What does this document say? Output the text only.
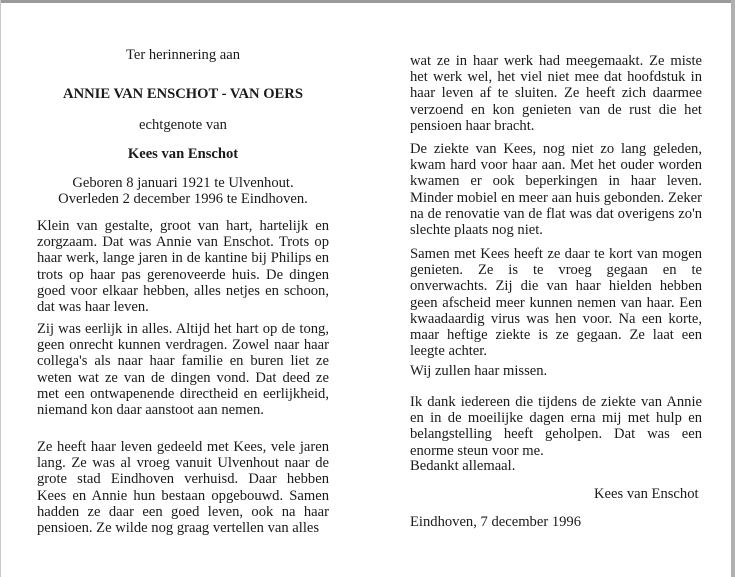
Ter herinnering aan

ANNIE VAN ENSCHOT - VAN OERS

echtgenote van

Kees van Enschot

Geboren 8 januari 1921 te Ulvenhout.

Overleden 2 december 1996 te Eindhoven.

Klein van gestalte, groot van hart, hartelijk en zorgzaam. Dat was Annie van Enschot. Trots op haar werk, lange jaren in de kantine bij Philips en trots op haar pas gerenoveerde huis. De dingen goed voor elkaar hebben, alles netjes en schoon, dat was haar leven.

Zij was eerlijk in alles. Altijd het hart op de tong, geen onrecht kunnen verdragen. Zowel naar haar collega's als naar haar familie en buren liet ze weten wat ze van de dingen vond. Dat deed ze met een ontwapenende directheid en eerlijkheid, niemand kon daar aanstoot aan nemen.

Ze heeft haar leven gedeeld met Kees, vele jaren lang. Ze was al vroeg vanuit Ulvenhout naar de grote stad Eindhoven verhuisd. Daar hebben Kees en Annie hun bestaan opgebouwd. Samen hadden ze daar een goed leven, ook na haar pensioen. Ze wilde nog graag vertellen van alles

wat ze in haar werk had meegemaakt. Ze miste het werk wel, het viel niet mee dat hoofdstuk in haar leven af te sluiten. Ze heeft zich daarmee verzoend en kon genieten van de rust die het pensioen haar bracht.

De ziekte van Kees, nog niet zo lang geleden, kwam hard voor haar aan. Met het ouder worden kwamen er ook beperkingen in haar leven. Minder mobiel en meer aan huis gebonden. Zeker na de renovatie van de flat was dat overigens zo'n slechte plaats nog niet.

Samen met Kees heeft ze daar te kort van mogen genieten. Ze is te vroeg gegaan en te onverwachts. Zij die van haar hielden hebben geen afscheid meer kunnen nemen van haar. Een kwaadaardig virus was hen voor. Na een korte, maar heftige ziekte is ze gegaan. Ze laat een leegte achter.

Wij zullen haar missen.

Ik dank iedereen die tijdens de ziekte van Annie en in de moeilijke dagen erna mij met hulp en belangstelling heeft geholpen. Dat was een enorme steun voor me.

Bedankt allemaal.

Kees van Enschot

Eindhoven, 7 december 1996
